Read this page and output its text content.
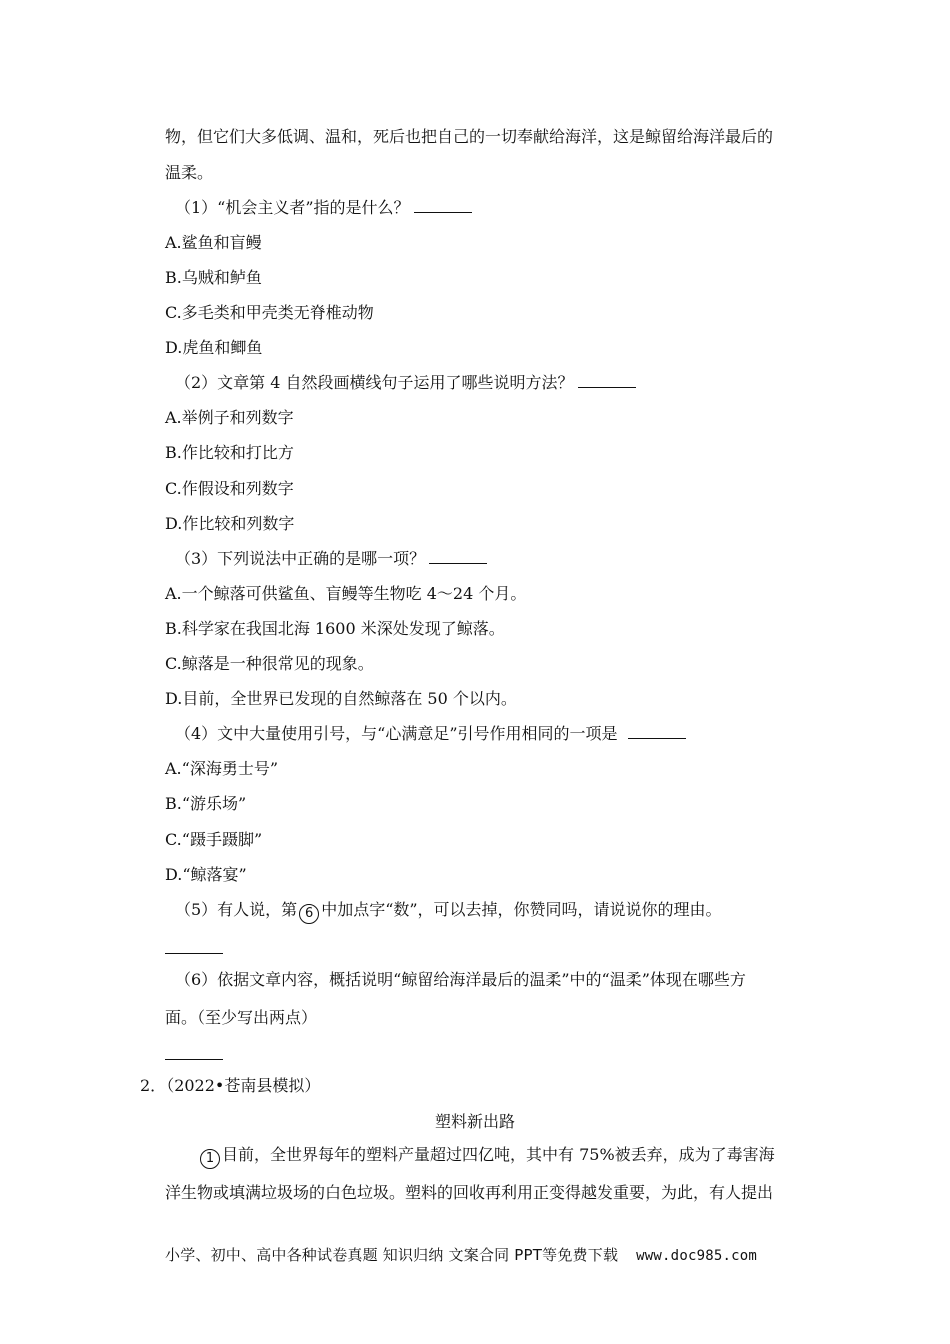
物，但它们大多低调、温和，死后也把自己的一切奉献给海洋，这是鲸留给海洋最后的
温柔。
（1）“机会主义者”指的是什么？
A.鲨鱼和盲鳗
B.乌贼和鲈鱼
C.多毛类和甲壳类无脊椎动物
D.虎鱼和鲫鱼
（2）文章第 4 自然段画横线句子运用了哪些说明方法？
A.举例子和列数字
B.作比较和打比方
C.作假设和列数字
D.作比较和列数字
（3）下列说法中正确的是哪一项？
A.一个鲸落可供鲨鱼、盲鳗等生物吃 4～24 个月。
B.科学家在我国北海 1600 米深处发现了鲸落。
C.鲸落是一种很常见的现象。
D.目前，全世界已发现的自然鲸落在 50 个以内。
（4）文中大量使用引号，与“心满意足”引号作用相同的一项是
A.“深海勇士号”
B.“游乐场”
C.“蹑手蹑脚”
D.“鲸落宴”
（5）有人说，第 6 中加点字“数”，可以去掉，你赞同吗，请说说你的理由。
（6）依据文章内容，概括说明“鲸留给海洋最后的温柔”中的“温柔”体现在哪些方
面。（至少写出两点）
2．（2022•苍南县模拟）
塑料新出路
1 目前，全世界每年的塑料产量超过四亿吨，其中有 75%被丢弃，成为了毒害海
洋生物或填满垃圾场的白色垃圾。塑料的回收再利用正变得越发重要，为此，有人提出
小学、初中、高中各种试卷真题 知识归纳 文案合同 PPT等免费下载 www.doc985.com
